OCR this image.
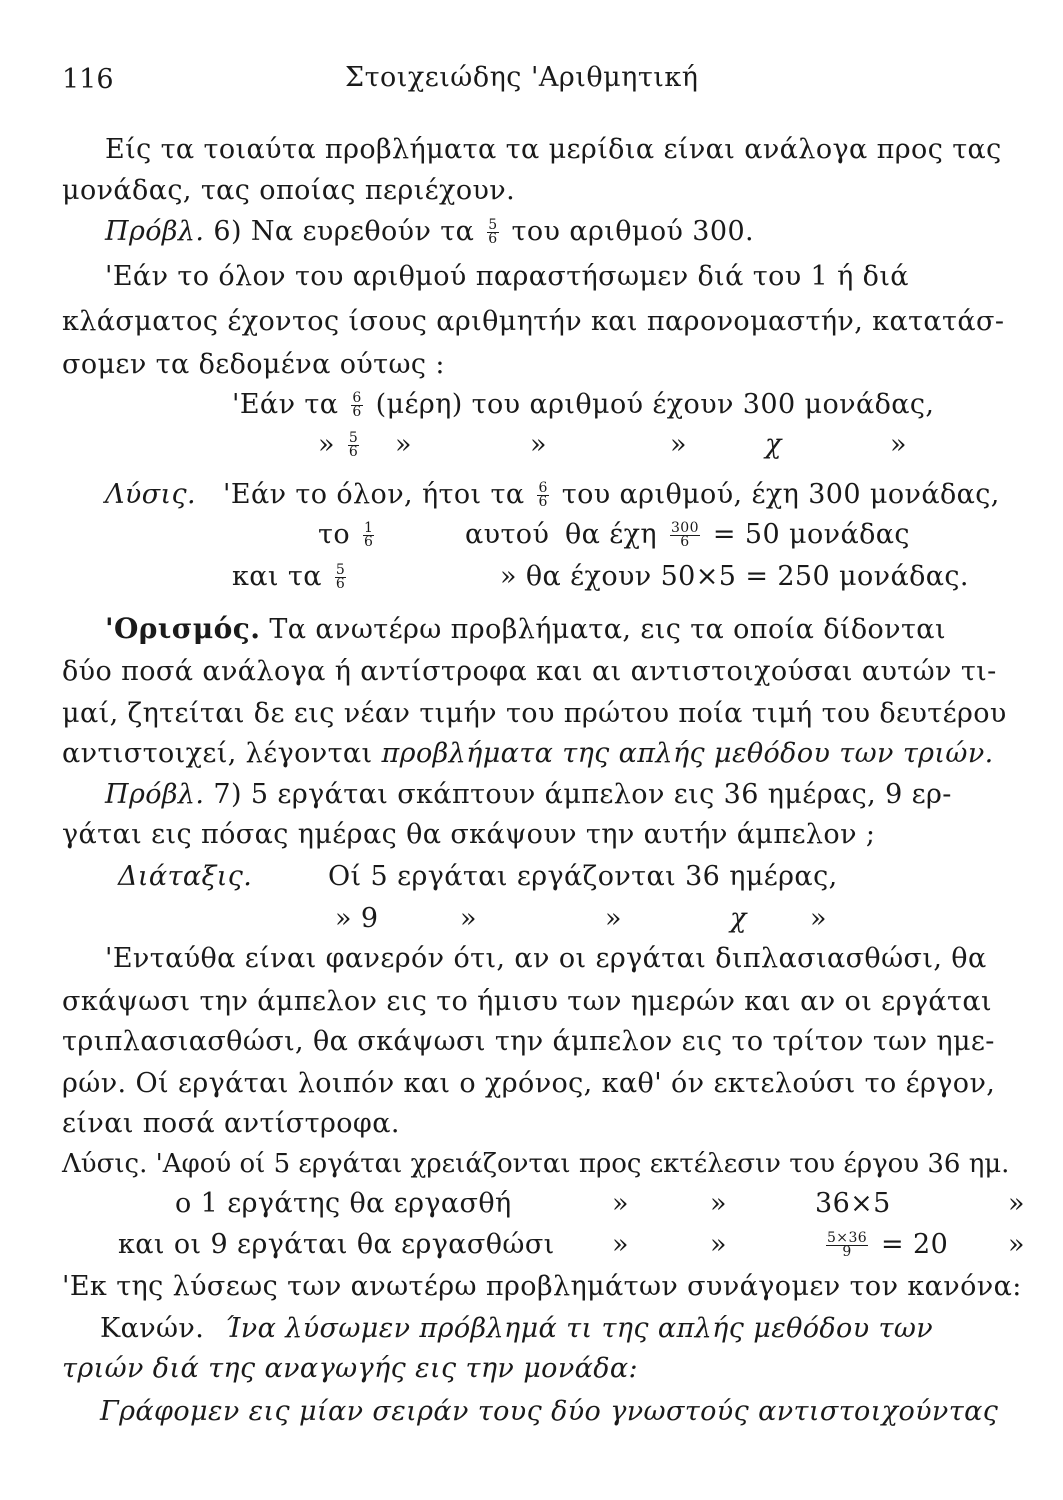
116	Στοιχειώδης 'Αριθμητική
Είς τα τοιαύτα προβλήματα τα μερίδια είναι ανάλογα προς τας
μονάδας, τας οποίας περιέχουν.
Πρόβλ. 6) Να ευρεθούν τα $\frac{5}{6}$ του αριθμού 300.
'Εάν το όλον του αριθμού παραστήσωμεν διά του 1 ή διά
κλάσματος έχοντος ίσους αριθμητήν και παρονομαστήν, κατατάσ-
σομεν τα δεδομένα ούτως :
'Εάν τα $\frac{6}{6} (\mu έ\rho\eta)$ του αριθμού έχουν 300 μονάδας,
» $\frac{5}{6}$ »	»	»	χ	»
Λύσις. 'Εάν το όλον, ήτοι τα $\frac{6}{6}$ του αριθμού, έχη 300 μονάδας,
το $\frac{1}{6}$	αυτού θα έχη $\frac{300}{6} = 50$ μονάδας
και τα $\frac{5}{6}$	» θα έχουν 50×5 = 250 μονάδας.
'Ορισμός. Τα ανωτέρω προβλήματα, εις τα οποία δίδονται
δύο ποσά ανάλογα ή αντίστροφα και αι αντιστοιχούσαι αυτών τι-
μαί, ζητείται δε εις νέαν τιμήν του πρώτου ποία τιμή του δευτέρου
αντιστοιχεί, λέγονται προβλήματα της απλής μεθόδου των τριών.
Πρόβλ. 7) 5 εργάται σκάπτουν άμπελον εις 36 ημέρας, 9 ερ-
γάται εις πόσας ημέρας θα σκάψουν την αυτήν άμπελον ;
Διάταξις.	Οί 5 εργάται εργάζονται 36 ημέρας,
» 9	»	»	χ »
'Ενταύθα είναι φανερόν ότι, αν οι εργάται διπλασιασθώσι, θα
σκάψωσι την άμπελον εις το ήμισυ των ημερών και αν οι εργάται
τριπλασιασθώσι, θα σκάψωσι την άμπελον εις το τρίτον των ημε-
ρών. Οί εργάται λοιπόν και ο χρόνος, καθ' όν εκτελούσι το έργον,
είναι ποσά αντίστροφα.
Λύσις. 'Αφού οί 5 εργάται χρειάζονται προς εκτέλεσιν του έργου 36 ημ.
ο 1 εργάτης θα εργασθή	»	»	36×5	»
και οι 9 εργάται θα εργασθώσι »	»	$\frac{5\times 36}{9} = 20$ »
'Εκ της λύσεως των ανωτέρω προβλημάτων συνάγομεν τον κανόνα:
Κανών. Ίνα λύσωμεν πρόβλημά τι της απλής μεθόδου των
τριών διά της αναγωγής εις την μονάδα:
Γράφομεν εις μίαν σειράν τους δύο γνωστούς αντιστοιχούντας
